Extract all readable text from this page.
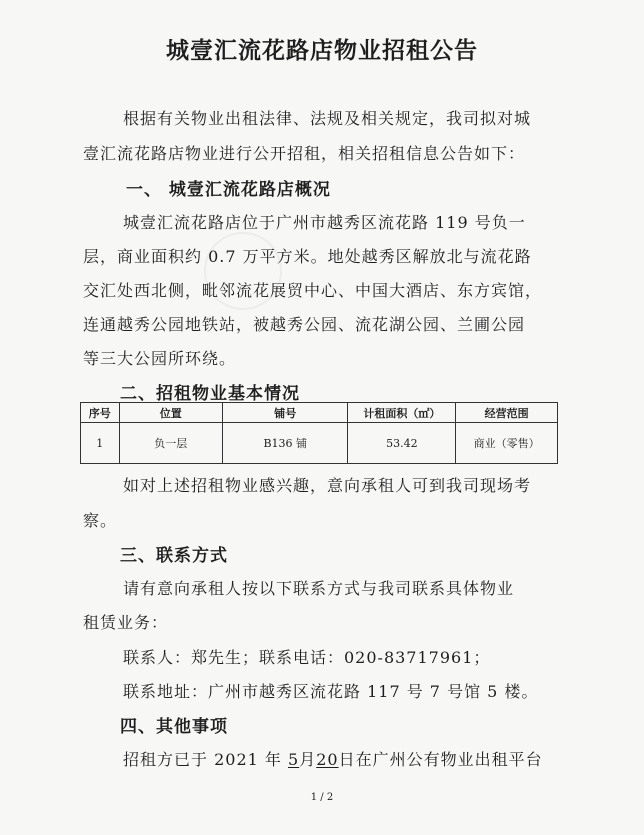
城壹汇流花路店物业招租公告
根据有关物业出租法律、法规及相关规定，我司拟对城
壹汇流花路店物业进行公开招租，相关招租信息公告如下：
一、 城壹汇流花路店概况
城壹汇流花路店位于广州市越秀区流花路 119 号负一
层，商业面积约 0.7 万平方米。地处越秀区解放北与流花路
交汇处西北侧，毗邻流花展贸中心、中国大酒店、东方宾馆，
连通越秀公园地铁站，被越秀公园、流花湖公园、兰圃公园
等三大公园所环绕。
二、招租物业基本情况
序号	位置	铺号	计租面积（㎡）	经营范围
1	负一层	B136 铺	53.42	商业（零售）
如对上述招租物业感兴趣，意向承租人可到我司现场考
察。
三、联系方式
请有意向承租人按以下联系方式与我司联系具体物业
租赁业务：
联系人：郑先生；联系电话：020-83717961；
联系地址：广州市越秀区流花路 117 号 7 号馆 5 楼。
四、其他事项
招租方已于 2021 年 5月20日在广州公有物业出租平台
1 / 2
